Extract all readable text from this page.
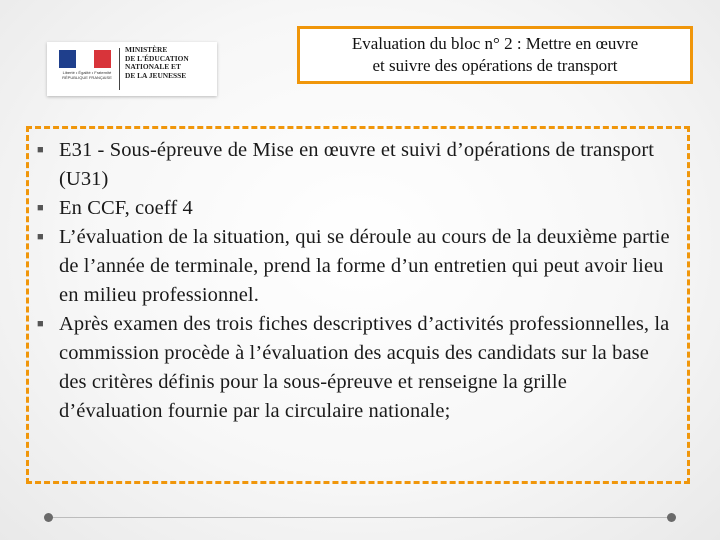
Liberté • Égalité • Fraternité RÉPUBLIQUE FRANÇAISE
MINISTÈRE
DE L'ÉDUCATION
NATIONALE ET
DE LA JEUNESSE
Evaluation du bloc n° 2 : Mettre en œuvre
et suivre des opérations de transport
■ E31 - Sous-épreuve de Mise en œuvre et suivi d’opérations de transport (U31)
■ En CCF, coeff 4
■ L’évaluation de la situation, qui se déroule au cours de la deuxième partie de l’année de terminale, prend la forme d’un entretien qui peut avoir lieu en milieu professionnel.
■ Après examen des trois fiches descriptives d’activités professionnelles, la commission procède à l’évaluation des acquis des candidats sur la base des critères définis pour la sous-épreuve et renseigne la grille d’évaluation fournie par la circulaire nationale;
